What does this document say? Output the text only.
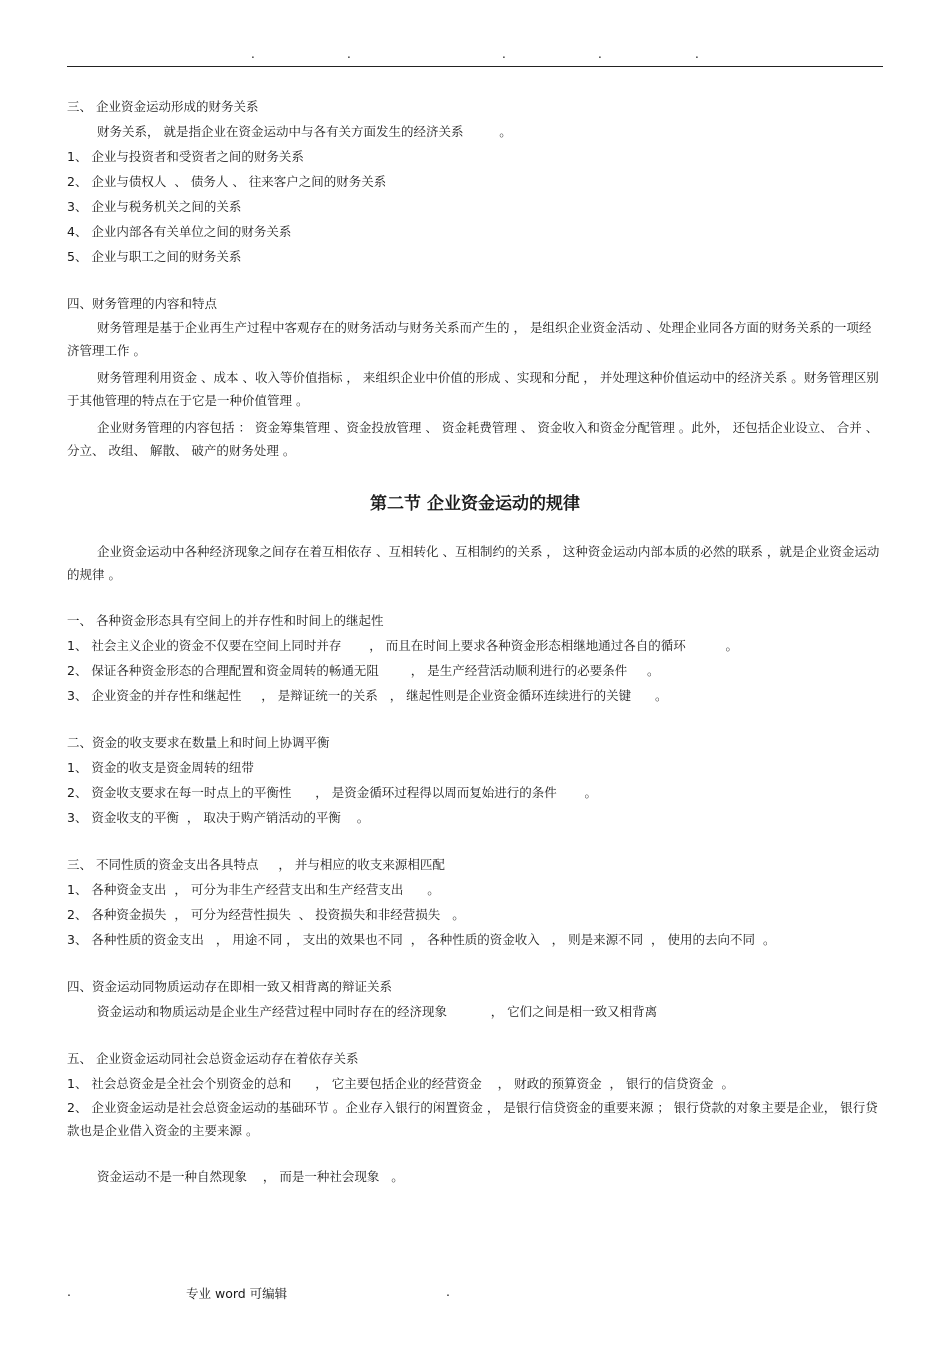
.	.	.	.	.

三、 企业资金运动形成的财务关系

财务关系， 就是指企业在资金运动中与各有关方面发生的经济关系         。

1、 企业与投资者和受资者之间的财务关系

2、 企业与债权人  、 债务人 、 往来客户之间的财务关系

3、 企业与税务机关之间的关系

4、 企业内部各有关单位之间的财务关系

5、 企业与职工之间的财务关系

四、财务管理的内容和特点

财务管理是基于企业再生产过程中客观存在的财务活动与财务关系而产生的 ， 是组织企业资金活动 、处理企业同各方面的财务关系的一项经济管理工作 。

财务管理利用资金 、成本 、收入等价值指标 ， 来组织企业中价值的形成 、实现和分配 ， 并处理这种价值运动中的经济关系 。财务管理区别于其他管理的特点在于它是一种价值管理 。

企业财务管理的内容包括 ： 资金筹集管理 、资金投放管理 、 资金耗费管理 、 资金收入和资金分配管理 。此外， 还包括企业设立、 合并 、 分立、 改组、 解散、 破产的财务处理 。

第二节 企业资金运动的规律

企业资金运动中各种经济现象之间存在着互相依存 、互相转化 、互相制约的关系 ， 这种资金运动内部本质的必然的联系 ，就是企业资金运动的规律 。

一、 各种资金形态具有空间上的并存性和时间上的继起性

1、 社会主义企业的资金不仅要在空间上同时并存       ， 而且在时间上要求各种资金形态相继地通过各自的循环          。

2、 保证各种资金形态的合理配置和资金周转的畅通无阻        ， 是生产经营活动顺利进行的必要条件     。

3、 企业资金的并存性和继起性     ， 是辩证统一的关系   ， 继起性则是企业资金循环连续进行的关键      。

二、资金的收支要求在数量上和时间上协调平衡

1、 资金的收支是资金周转的纽带

2、 资金收支要求在每一时点上的平衡性      ， 是资金循环过程得以周而复始进行的条件       。

3、 资金收支的平衡  ， 取决于购产销活动的平衡    。

三、 不同性质的资金支出各具特点     ， 并与相应的收支来源相匹配

1、 各种资金支出  ， 可分为非生产经营支出和生产经营支出      。

2、 各种资金损失  ， 可分为经营性损失  、 投资损失和非经营损失   。

3、 各种性质的资金支出   ， 用途不同 ， 支出的效果也不同  ， 各种性质的资金收入   ， 则是来源不同  ， 使用的去向不同  。

四、资金运动同物质运动存在即相一致又相背离的辩证关系

资金运动和物质运动是企业生产经营过程中同时存在的经济现象           ， 它们之间是相一致又相背离

五、 企业资金运动同社会总资金运动存在着依存关系

1、 社会总资金是全社会个别资金的总和      ， 它主要包括企业的经营资金    ， 财政的预算资金  ， 银行的信贷资金  。

2、 企业资金运动是社会总资金运动的基础环节 。企业存入银行的闲置资金 ， 是银行信贷资金的重要来源 ； 银行贷款的对象主要是企业， 银行贷款也是企业借入资金的主要来源 。

资金运动不是一种自然现象    ， 而是一种社会现象   。

.	专业 word 可编辑	.
